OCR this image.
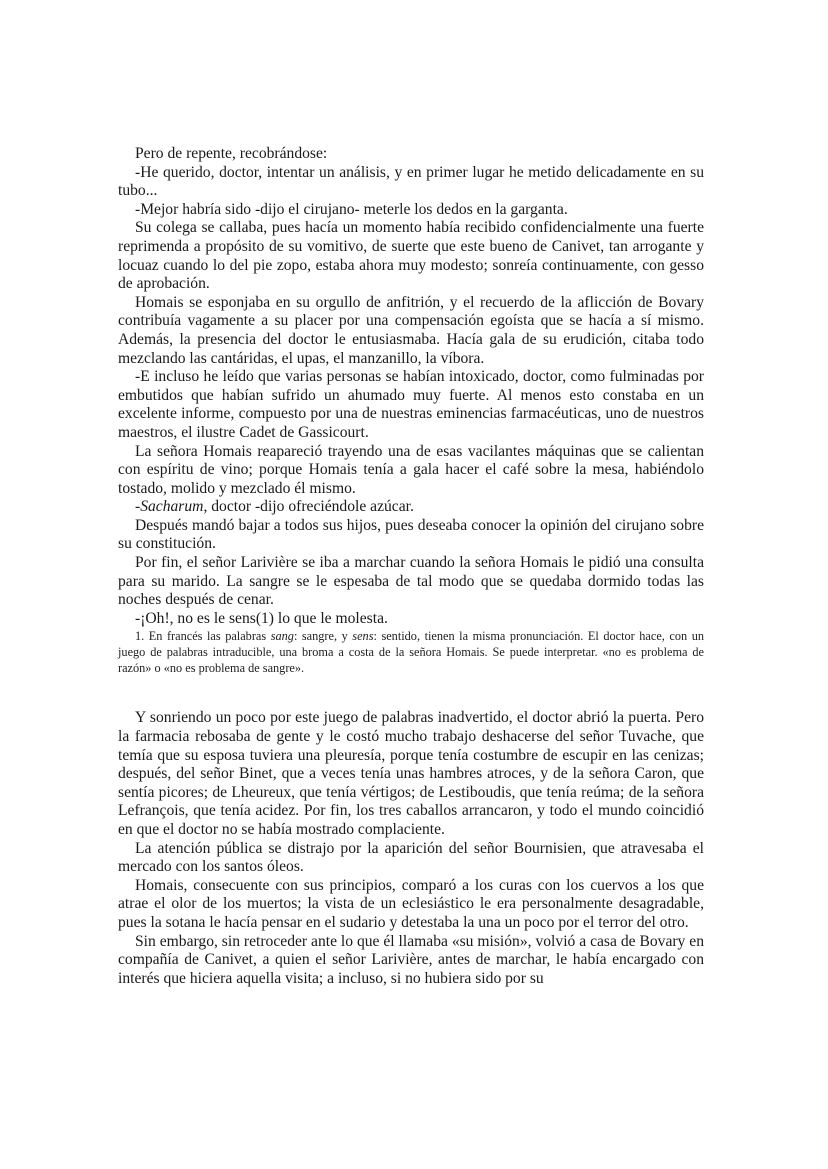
Pero de repente, recobrándose:

-He querido, doctor, intentar un análisis, y en primer lugar he metido delicadamente en su tubo...

-Mejor habría sido -dijo el cirujano- meterle los dedos en la garganta.

Su colega se callaba, pues hacía un momento había recibido confidencialmente una fuerte reprimenda a propósito de su vomitivo, de suerte que este bueno de Canivet, tan arrogante y locuaz cuando lo del pie zopo, estaba ahora muy modesto; sonreía continuamente, con gesso de aprobación.

Homais se esponjaba en su orgullo de anfitrión, y el recuerdo de la aflicción de Bovary contribuía vagamente a su placer por una compensación egoísta que se hacía a sí mismo. Además, la presencia del doctor le entusiasmaba. Hacía gala de su erudición, citaba todo mezclando las cantáridas, el upas, el manzanillo, la víbora.

-E incluso he leído que varias personas se habían intoxicado, doctor, como fulminadas por embutidos que habían sufrido un ahumado muy fuerte. Al menos esto constaba en un excelente informe, compuesto por una de nuestras eminencias farmacéuticas, uno de nuestros maestros, el ilustre Cadet de Gassicourt.

La señora Homais reapareció trayendo una de esas vacilantes máquinas que se calientan con espíritu de vino; porque Homais tenía a gala hacer el café sobre la mesa, habiéndolo tostado, molido y mezclado él mismo.

-Sacharum, doctor -dijo ofreciéndole azúcar.

Después mandó bajar a todos sus hijos, pues deseaba conocer la opinión del cirujano sobre su constitución.

Por fin, el señor Larivière se iba a marchar cuando la señora Homais le pidió una consulta para su marido. La sangre se le espesaba de tal modo que se quedaba dormido todas las noches después de cenar.

-¡Oh!, no es le sens(1) lo que le molesta.

1. En francés las palabras sang: sangre, y sens: sentido, tienen la misma pronunciación. El doctor hace, con un juego de palabras intraducible, una broma a costa de la señora Homais. Se puede interpretar. «no es problema de razón» o «no es problema de sangre».

Y sonriendo un poco por este juego de palabras inadvertido, el doctor abrió la puerta. Pero la farmacia rebosaba de gente y le costó mucho trabajo deshacerse del señor Tuvache, que temía que su esposa tuviera una pleuresía, porque tenía costumbre de escupir en las cenizas; después, del señor Binet, que a veces tenía unas hambres atroces, y de la señora Caron, que sentía picores; de Lheureux, que tenía vértigos; de Lestiboudis, que tenía reúma; de la señora Lefrançois, que tenía acidez. Por fin, los tres caballos arrancaron, y todo el mundo coincidió en que el doctor no se había mostrado complaciente.

La atención pública se distrajo por la aparición del señor Bournisien, que atravesaba el mercado con los santos óleos.

Homais, consecuente con sus principios, comparó a los curas con los cuervos a los que atrae el olor de los muertos; la vista de un eclesiástico le era personalmente desagradable, pues la sotana le hacía pensar en el sudario y detestaba la una un poco por el terror del otro.

Sin embargo, sin retroceder ante lo que él llamaba «su misión», volvió a casa de Bovary en compañía de Canivet, a quien el señor Larivière, antes de marchar, le había encargado con interés que hiciera aquella visita; a incluso, si no hubiera sido por su
